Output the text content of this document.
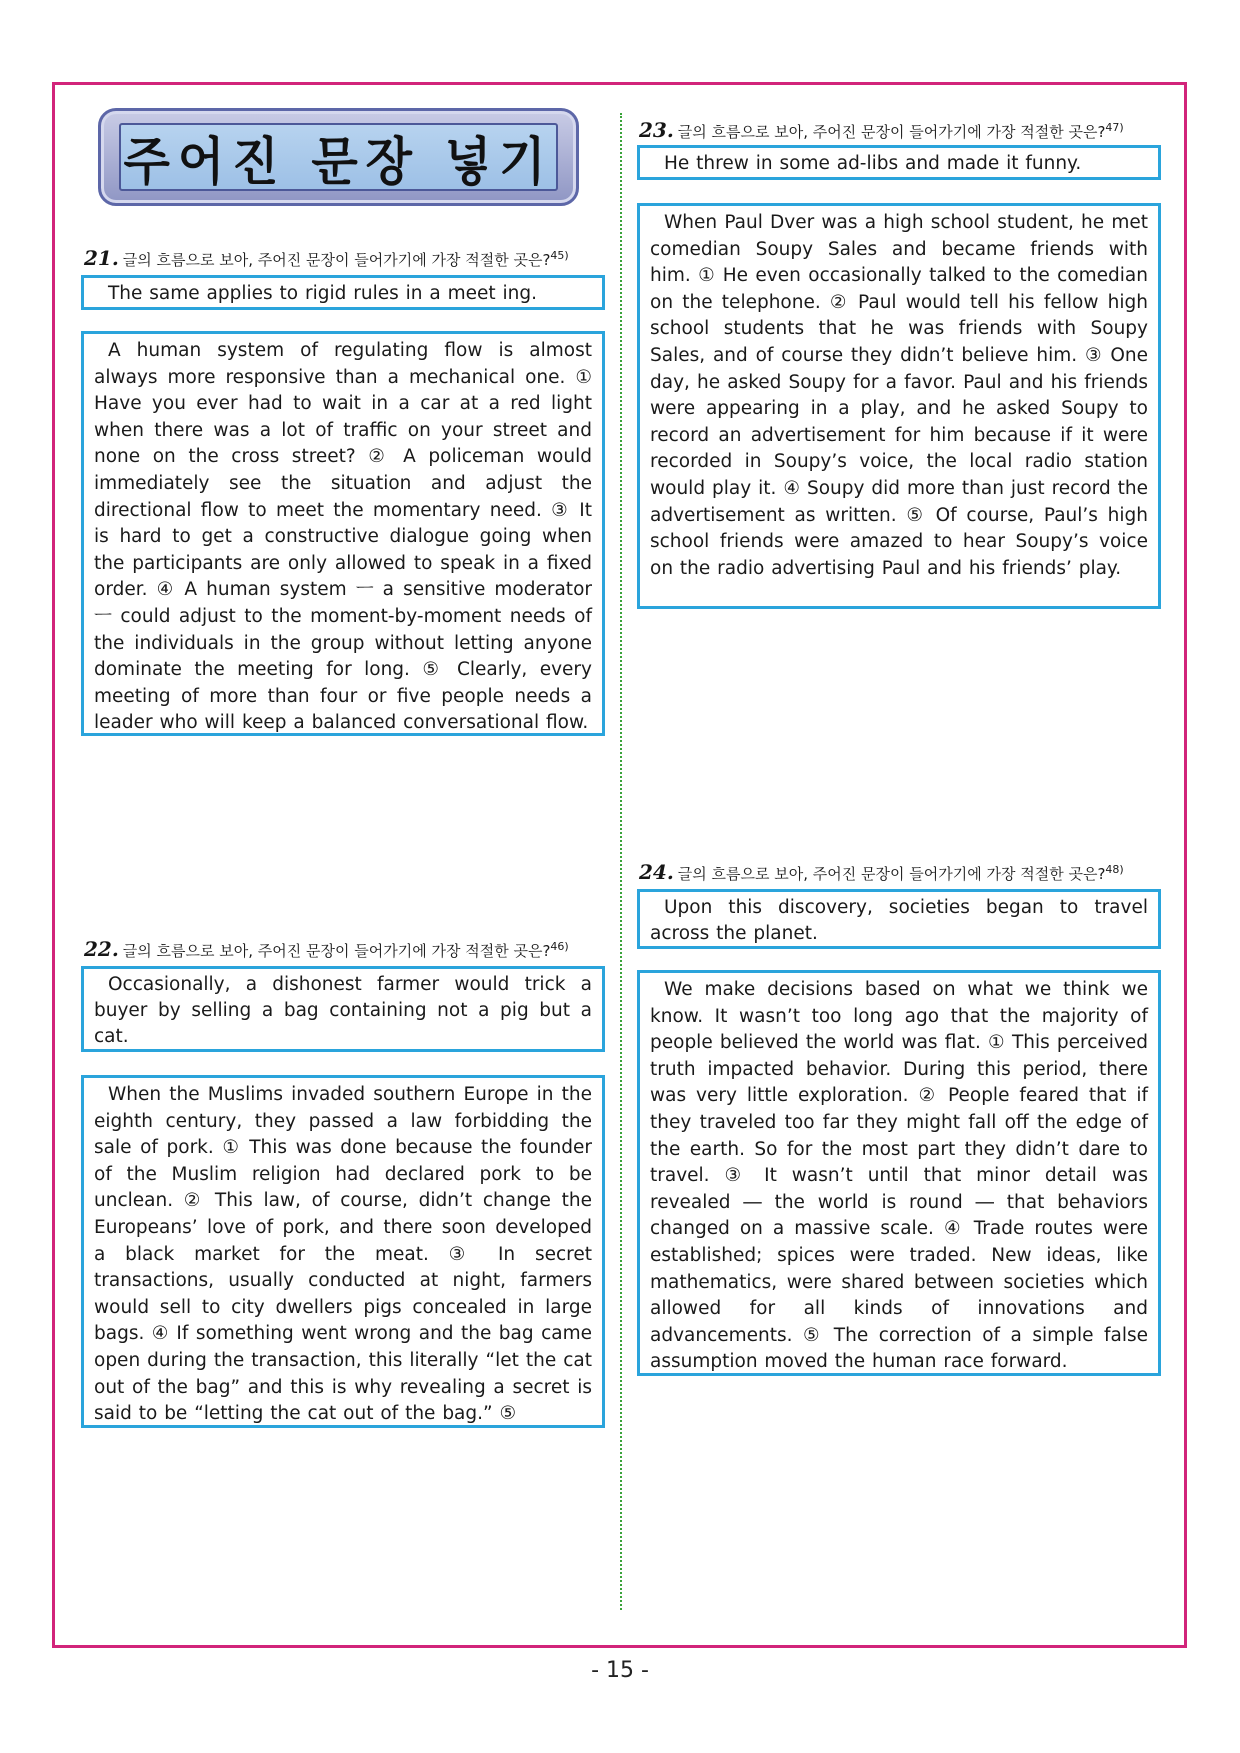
주어진 문장 넣기
21. 글의 흐름으로 보아, 주어진 문장이 들어가기에 가장 적절한 곳은?$^{45)}$
The same applies to rigid rules in a meet ing.
A human system of regulating flow is almost always more responsive than a mechanical one. ① Have you ever had to wait in a car at a red light when there was a lot of traffic on your street and none on the cross street? ② A policeman would immediately see the situation and adjust the directional flow to meet the momentary need. ③ It is hard to get a constructive dialogue going when the participants are only allowed to speak in a fixed order. ④ A human system ㅡ a sensitive moderator ㅡ could adjust to the moment-by-moment needs of the individuals in the group without letting anyone dominate the meeting for long. ⑤ Clearly, every meeting of more than four or five people needs a leader who will keep a balanced conversational flow.
22. 글의 흐름으로 보아, 주어진 문장이 들어가기에 가장 적절한 곳은?$^{46)}$
Occasionally, a dishonest farmer would trick a buyer by selling a bag containing not a pig but a cat.
When the Muslims invaded southern Europe in the eighth century, they passed a law forbidding the sale of pork. ① This was done because the founder of the Muslim religion had declared pork to be unclean. ② This law, of course, didn’t change the Europeans’ love of pork, and there soon developed a black market for the meat. ③ In secret transactions, usually conducted at night, farmers would sell to city dwellers pigs concealed in large bags. ④ If something went wrong and the bag came open during the transaction, this literally “let the cat out of the bag” and this is why revealing a secret is said to be “letting the cat out of the bag.” ⑤
23. 글의 흐름으로 보아, 주어진 문장이 들어가기에 가장 적절한 곳은?$^{47)}$
He threw in some ad-libs and made it funny.
When Paul Dver was a high school student, he met comedian Soupy Sales and became friends with him. ① He even occasionally talked to the comedian on the telephone. ② Paul would tell his fellow high school students that he was friends with Soupy Sales, and of course they didn’t believe him. ③ One day, he asked Soupy for a favor. Paul and his friends were appearing in a play, and he asked Soupy to record an advertisement for him because if it were recorded in Soupy’s voice, the local radio station would play it. ④ Soupy did more than just record the advertisement as written. ⑤ Of course, Paul’s high school friends were amazed to hear Soupy’s voice on the radio advertising Paul and his friends’ play.
24. 글의 흐름으로 보아, 주어진 문장이 들어가기에 가장 적절한 곳은?$^{48)}$
Upon this discovery, societies began to travel across the planet.
We make decisions based on what we think we know. It wasn’t too long ago that the majority of people believed the world was flat. ① This perceived truth impacted behavior. During this period, there was very little exploration. ② People feared that if they traveled too far they might fall off the edge of the earth. So for the most part they didn’t dare to travel. ③ It wasn’t until that minor detail was revealed ― the world is round ― that behaviors changed on a massive scale. ④ Trade routes were established; spices were traded. New ideas, like mathematics, were shared between societies which allowed for all kinds of innovations and advancements. ⑤ The correction of a simple false assumption moved the human race forward.
- 15 -
